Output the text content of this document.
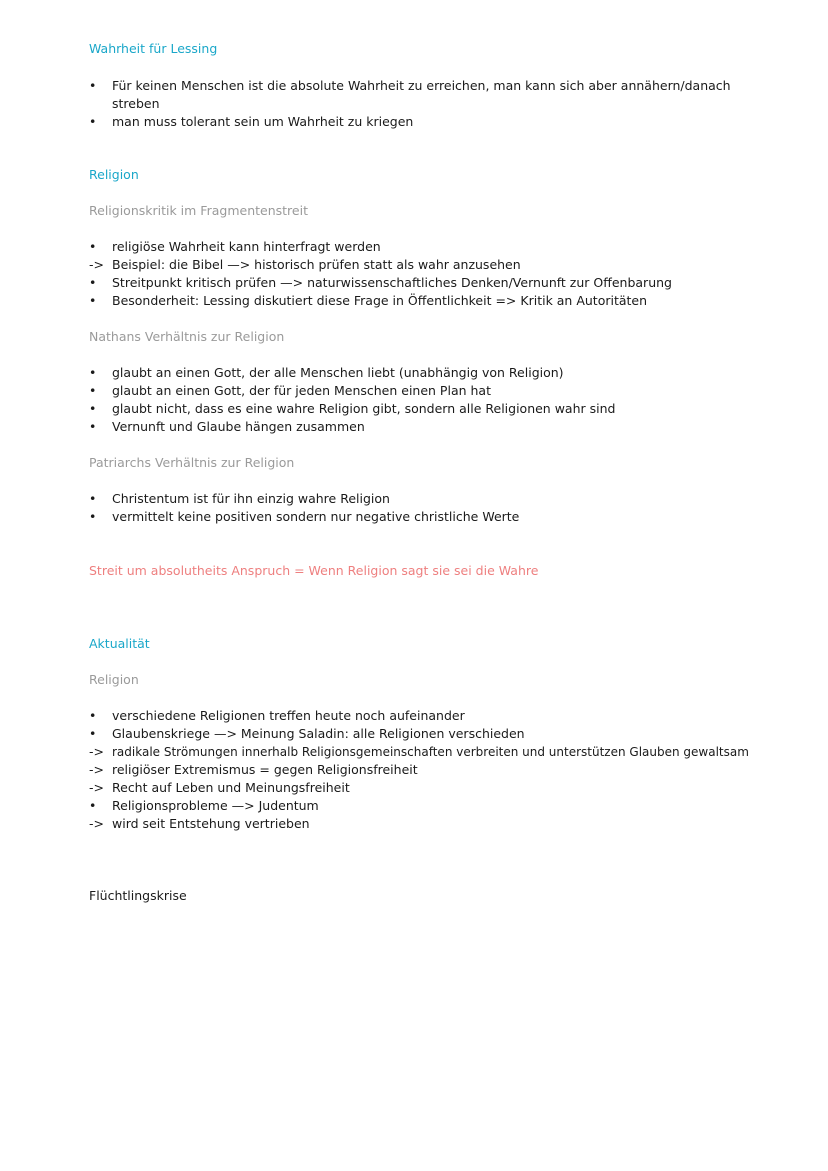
Wahrheit für Lessing
•	Für keinen Menschen ist die absolute Wahrheit zu erreichen, man kann sich aber annähern/danach streben
•	man muss tolerant sein um Wahrheit zu kriegen
Religion
Religionskritik im Fragmentenstreit
•	religiöse Wahrheit kann hinterfragt werden
-> Beispiel: die Bibel —> historisch prüfen statt als wahr anzusehen
•	Streitpunkt kritisch prüfen —> naturwissenschaftliches Denken/Vernunft zur Offenbarung
•	Besonderheit: Lessing diskutiert diese Frage in Öffentlichkeit => Kritik an Autoritäten
Nathans Verhältnis zur Religion
•	glaubt an einen Gott, der alle Menschen liebt (unabhängig von Religion)
•	glaubt an einen Gott, der für jeden Menschen einen Plan hat
•	glaubt nicht, dass es eine wahre Religion gibt, sondern alle Religionen wahr sind
•	Vernunft und Glaube hängen zusammen
Patriarchs Verhältnis zur Religion
•	Christentum ist für ihn einzig wahre Religion
•	vermittelt keine positiven sondern nur negative christliche Werte
Streit um absolutheits Anspruch = Wenn Religion sagt sie sei die Wahre
Aktualität
Religion
•	verschiedene Religionen treffen heute noch aufeinander
•	Glaubenskriege —> Meinung Saladin: alle Religionen verschieden
-> radikale Strömungen innerhalb Religionsgemeinschaften verbreiten und unterstützen Glauben gewaltsam
-> religiöser Extremismus = gegen Religionsfreiheit
-> Recht auf Leben und Meinungsfreiheit
•	Religionsprobleme —> Judentum
-> wird seit Entstehung vertrieben
Flüchtlingskrise
